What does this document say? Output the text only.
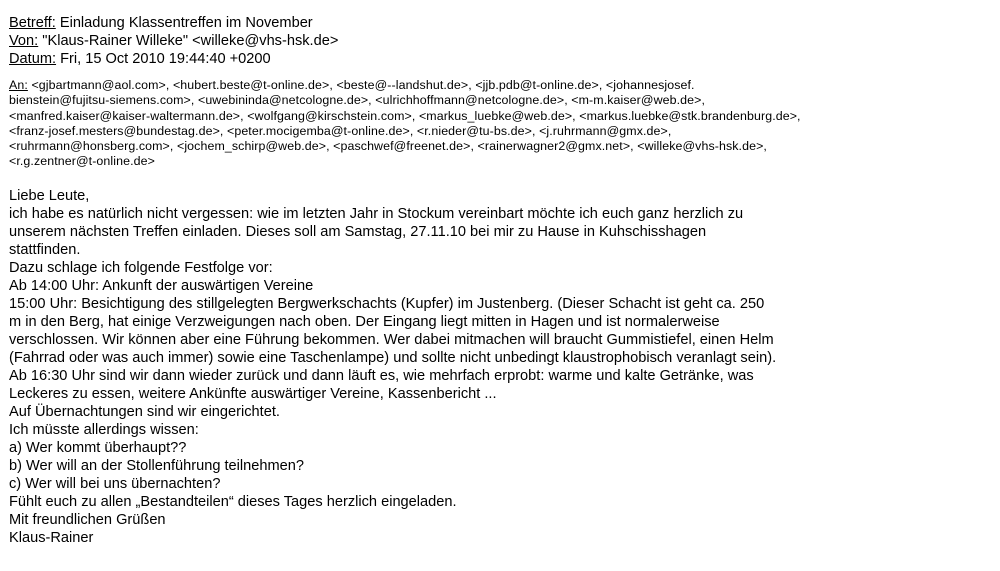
Betreff: Einladung Klassentreffen im November
Von: "Klaus-Rainer Willeke" <willeke@vhs-hsk.de>
Datum: Fri, 15 Oct 2010 19:44:40 +0200
An: <gjbartmann@aol.com>, <hubert.beste@t-online.de>, <beste@--landshut.de>, <jjb.pdb@t-online.de>, <johannesjosef.
bienstein@fujitsu-siemens.com>, <uwebininda@netcologne.de>, <ulrichhoffmann@netcologne.de>, <m-m.kaiser@web.de>,
<manfred.kaiser@kaiser-waltermann.de>, <wolfgang@kirschstein.com>, <markus_luebke@web.de>, <markus.luebke@stk.brandenburg.de>,
<franz-josef.mesters@bundestag.de>, <peter.mocigemba@t-online.de>, <r.nieder@tu-bs.de>, <j.ruhrmann@gmx.de>,
<ruhrmann@honsberg.com>, <jochem_schirp@web.de>, <paschwef@freenet.de>, <rainerwagner2@gmx.net>, <willeke@vhs-hsk.de>,
<r.g.zentner@t-online.de>
Liebe Leute,
ich habe es natürlich nicht vergessen: wie im letzten Jahr in Stockum vereinbart möchte ich euch ganz herzlich zu
unserem nächsten Treffen einladen. Dieses soll am Samstag, 27.11.10 bei mir zu Hause in Kuhschisshagen
stattfinden.
Dazu schlage ich folgende Festfolge vor:
Ab 14:00 Uhr: Ankunft der auswärtigen Vereine
15:00 Uhr: Besichtigung des stillgelegten Bergwerkschachts (Kupfer) im Justenberg. (Dieser Schacht ist geht ca. 250
m in den Berg, hat einige Verzweigungen nach oben. Der Eingang liegt mitten in Hagen und ist normalerweise
verschlossen. Wir können aber eine Führung bekommen. Wer dabei mitmachen will braucht Gummistiefel, einen Helm
(Fahrrad oder was auch immer) sowie eine Taschenlampe) und sollte nicht unbedingt klaustrophobisch veranlagt sein).
Ab 16:30 Uhr sind wir dann wieder zurück und dann läuft es, wie mehrfach erprobt: warme und kalte Getränke, was
Leckeres zu essen, weitere Ankünfte auswärtiger Vereine, Kassenbericht ...
Auf Übernachtungen sind wir eingerichtet.
Ich müsste allerdings wissen:
a) Wer kommt überhaupt??
b) Wer will an der Stollenführung teilnehmen?
c) Wer will bei uns übernachten?
Fühlt euch zu allen „Bestandteilen“ dieses Tages herzlich eingeladen.
Mit freundlichen Grüßen
Klaus-Rainer
